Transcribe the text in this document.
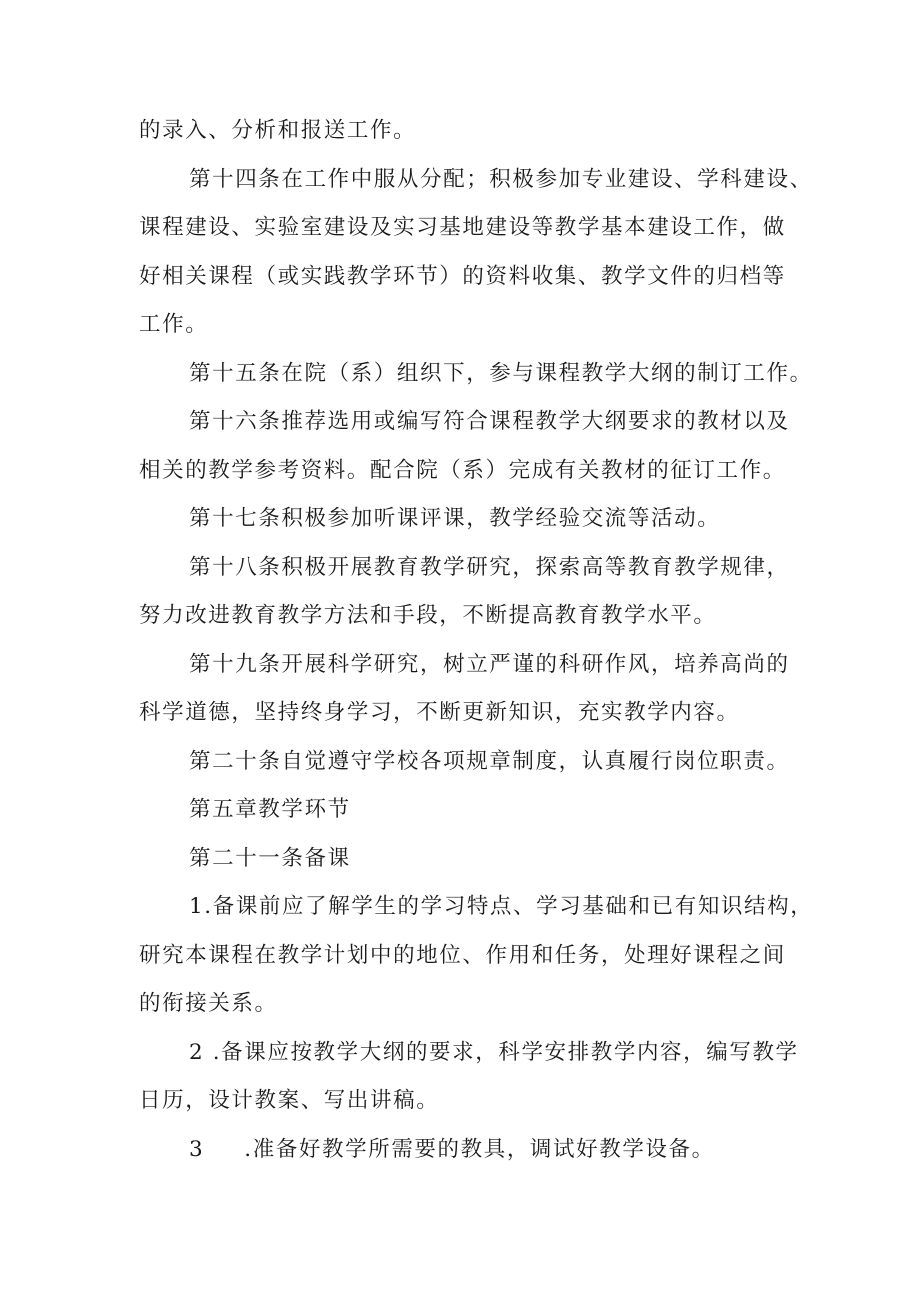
的录入、分析和报送工作。

第十四条在工作中服从分配；积极参加专业建设、学科建设、
课程建设、实验室建设及实习基地建设等教学基本建设工作，做
好相关课程（或实践教学环节）的资料收集、教学文件的归档等
工作。

第十五条在院（系）组织下，参与课程教学大纲的制订工作。

第十六条推荐选用或编写符合课程教学大纲要求的教材以及
相关的教学参考资料。配合院（系）完成有关教材的征订工作。

第十七条积极参加听课评课，教学经验交流等活动。

第十八条积极开展教育教学研究，探索高等教育教学规律，
努力改进教育教学方法和手段，不断提高教育教学水平。

第十九条开展科学研究，树立严谨的科研作风，培养高尚的
科学道德，坚持终身学习，不断更新知识，充实教学内容。

第二十条自觉遵守学校各项规章制度，认真履行岗位职责。

第五章教学环节

第二十一条备课

1.备课前应了解学生的学习特点、学习基础和已有知识结构，
研究本课程在教学计划中的地位、作用和任务，处理好课程之间
的衔接关系。

2 .备课应按教学大纲的要求，科学安排教学内容，编写教学
日历，设计教案、写出讲稿。

3 .准备好教学所需要的教具，调试好教学设备。
